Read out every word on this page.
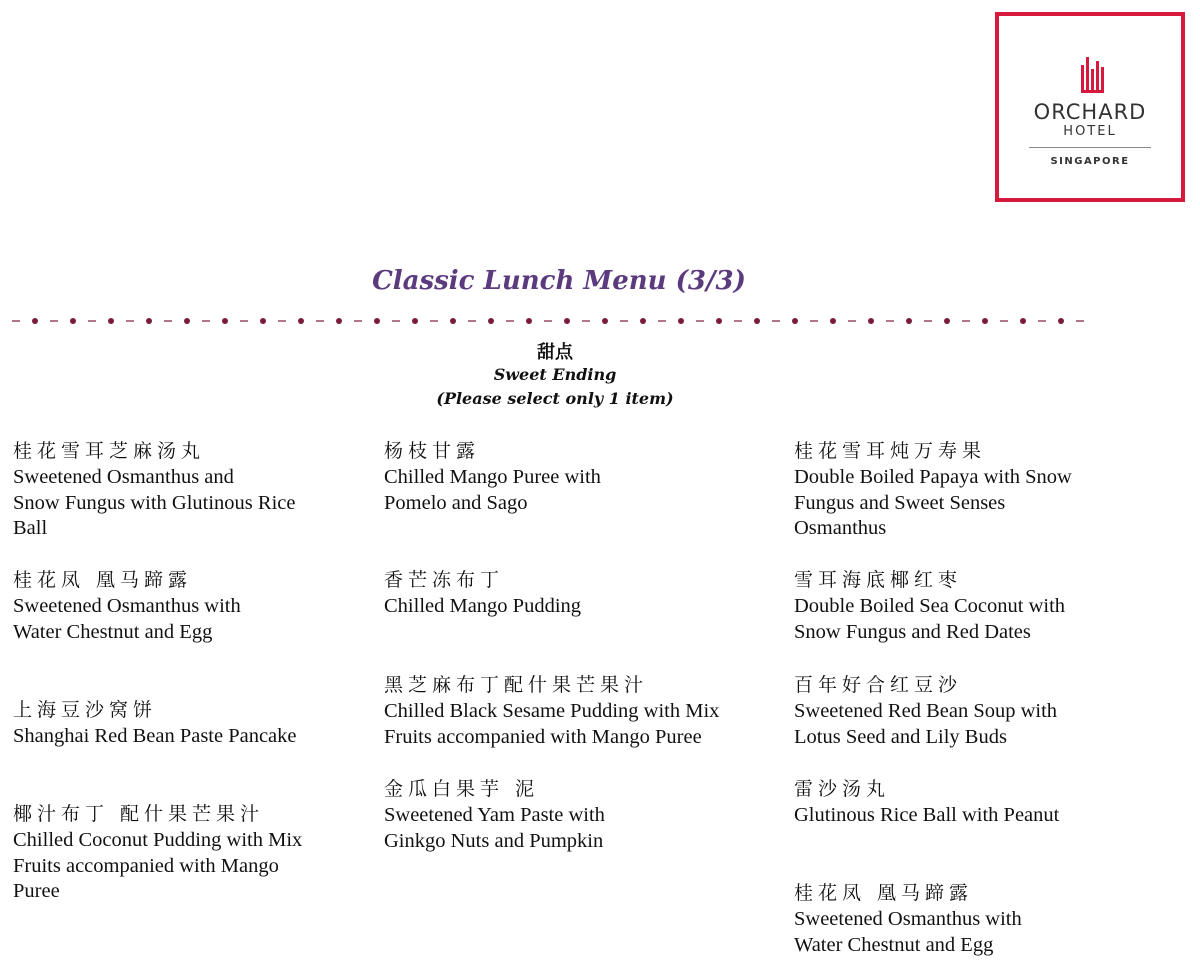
ORCHARD
HOTEL
SINGAPORE
Classic Lunch Menu (3/3)
甜点
Sweet Ending
(Please select only 1 item)
桂花雪耳芝麻汤丸
Sweetened Osmanthus and
Snow Fungus with Glutinous Rice
Ball
桂花凤 凰马蹄露
Sweetened Osmanthus with
Water Chestnut and Egg
上海豆沙窝饼
Shanghai Red Bean Paste Pancake
椰汁布丁 配什果芒果汁
Chilled Coconut Pudding with Mix
Fruits accompanied with Mango
Puree
杨枝甘露
Chilled Mango Puree with
Pomelo and Sago
香芒冻布丁
Chilled Mango Pudding
黑芝麻布丁配什果芒果汁
Chilled Black Sesame Pudding with Mix
Fruits accompanied with Mango Puree
金瓜白果芋 泥
Sweetened Yam Paste with
Ginkgo Nuts and Pumpkin
桂花雪耳炖万寿果
Double Boiled Papaya with Snow
Fungus and Sweet Senses
Osmanthus
雪耳海底椰红枣
Double Boiled Sea Coconut with
Snow Fungus and Red Dates
百年好合红豆沙
Sweetened Red Bean Soup with
Lotus Seed and Lily Buds
雷沙汤丸
Glutinous Rice Ball with Peanut
桂花凤 凰马蹄露
Sweetened Osmanthus with
Water Chestnut and Egg
